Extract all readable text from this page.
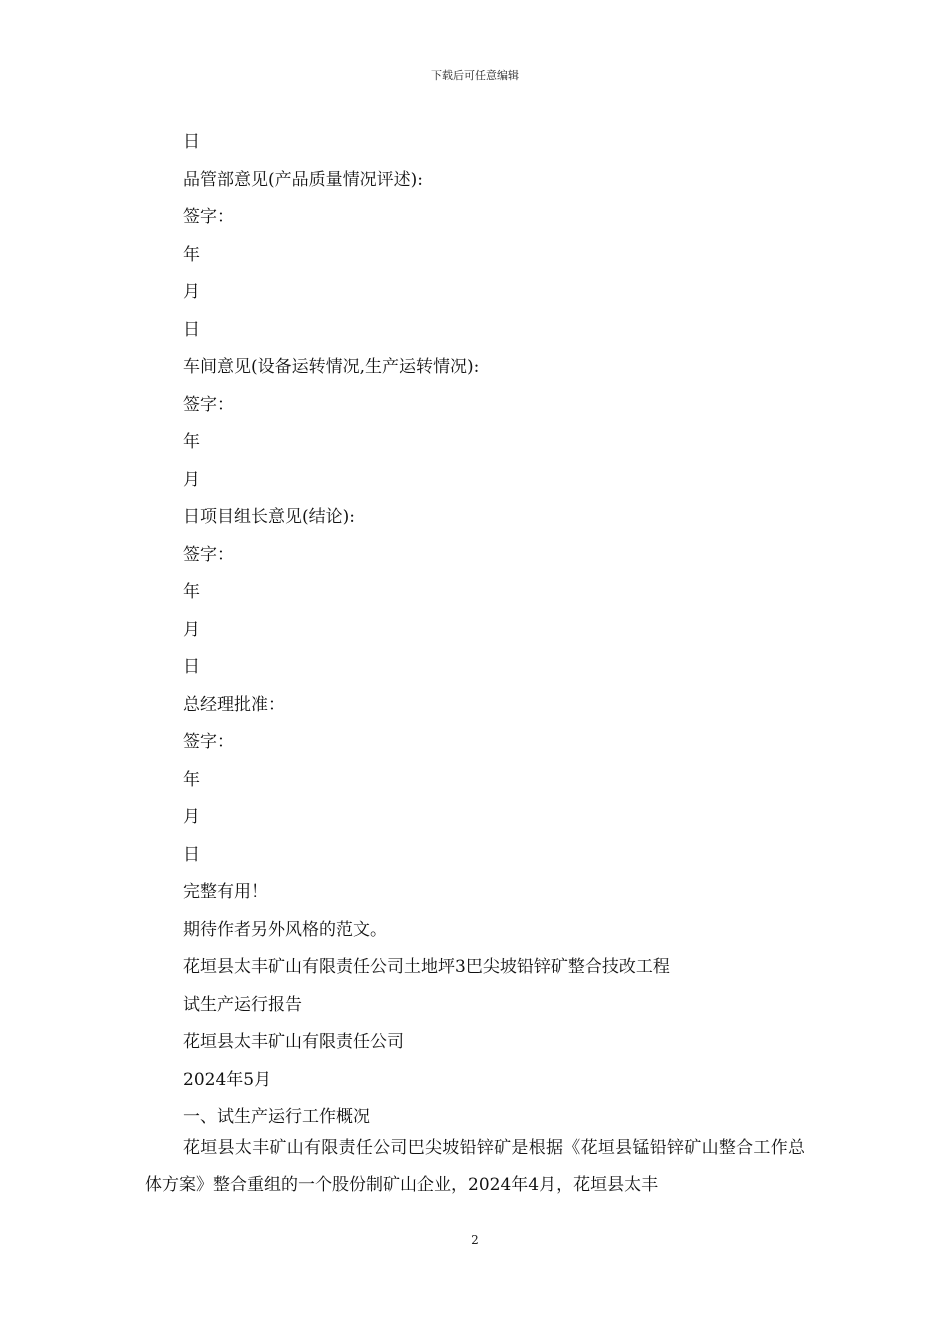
下载后可任意编辑
日
品管部意见(产品质量情况评述):
签字：
年
月
日
车间意见(设备运转情况,生产运转情况):
签字：
年
月
日项目组长意见(结论):
签字：
年
月
日
总经理批准：
签字：
年
月
日
完整有用！
期待作者另外风格的范文。
花垣县太丰矿山有限责任公司土地坪3巴尖坡铅锌矿整合技改工程
试生产运行报告
花垣县太丰矿山有限责任公司
2024年5月
一、试生产运行工作概况
花垣县太丰矿山有限责任公司巴尖坡铅锌矿是根据《花垣县锰铅锌矿山整合工作总体方案》整合重组的一个股份制矿山企业，2024年4月，花垣县太丰
2
